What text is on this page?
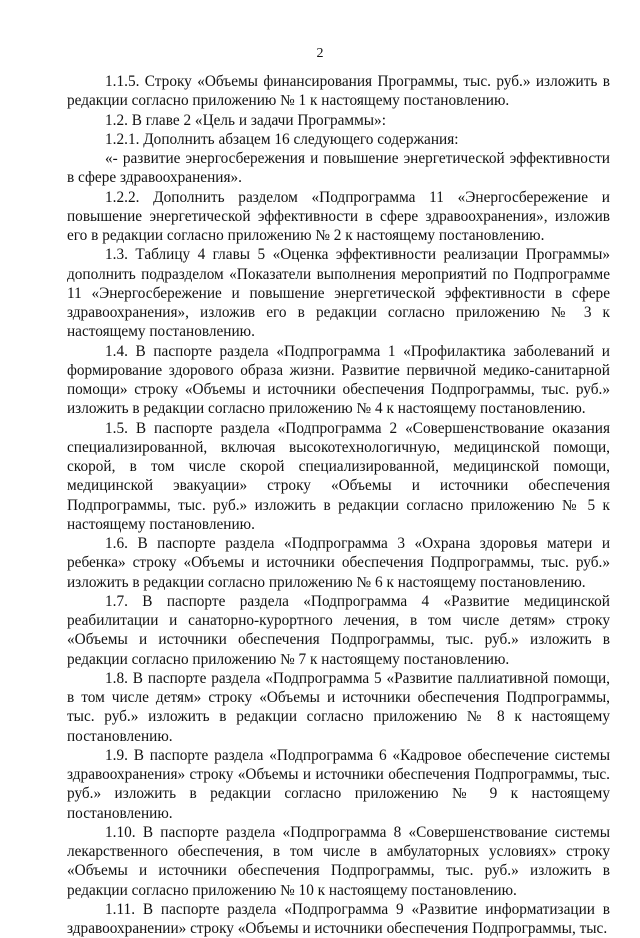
2

1.1.5. Строку «Объемы финансирования Программы, тыс. руб.» изложить в редакции согласно приложению № 1 к настоящему постановлению.

1.2. В главе 2 «Цель и задачи Программы»:

1.2.1. Дополнить абзацем 16 следующего содержания:

«- развитие энергосбережения и повышение энергетической эффективности в сфере здравоохранения».

1.2.2. Дополнить разделом «Подпрограмма 11 «Энергосбережение и повышение энергетической эффективности в сфере здравоохранения», изложив его в редакции согласно приложению № 2 к настоящему постановлению.

1.3. Таблицу 4 главы 5 «Оценка эффективности реализации Программы» дополнить подразделом «Показатели выполнения мероприятий по Подпрограмме 11 «Энергосбережение и повышение энергетической эффективности в сфере здравоохранения», изложив его в редакции согласно приложению № 3 к настоящему постановлению.

1.4. В паспорте раздела «Подпрограмма 1 «Профилактика заболеваний и формирование здорового образа жизни. Развитие первичной медико-санитарной помощи» строку «Объемы и источники обеспечения Подпрограммы, тыс. руб.» изложить в редакции согласно приложению № 4 к настоящему постановлению.

1.5. В паспорте раздела «Подпрограмма 2 «Совершенствование оказания специализированной, включая высокотехнологичную, медицинской помощи, скорой, в том числе скорой специализированной, медицинской помощи, медицинской эвакуации» строку «Объемы и источники обеспечения Подпрограммы, тыс. руб.» изложить в редакции согласно приложению № 5 к настоящему постановлению.

1.6. В паспорте раздела «Подпрограмма 3 «Охрана здоровья матери и ребенка» строку «Объемы и источники обеспечения Подпрограммы, тыс. руб.» изложить в редакции согласно приложению № 6 к настоящему постановлению.

1.7. В паспорте раздела «Подпрограмма 4 «Развитие медицинской реабилитации и санаторно-курортного лечения, в том числе детям» строку «Объемы и источники обеспечения Подпрограммы, тыс. руб.» изложить в редакции согласно приложению № 7 к настоящему постановлению.

1.8. В паспорте раздела «Подпрограмма 5 «Развитие паллиативной помощи, в том числе детям» строку «Объемы и источники обеспечения Подпрограммы, тыс. руб.» изложить в редакции согласно приложению № 8 к настоящему постановлению.

1.9. В паспорте раздела «Подпрограмма 6 «Кадровое обеспечение системы здравоохранения» строку «Объемы и источники обеспечения Подпрограммы, тыс. руб.» изложить в редакции согласно приложению № 9 к настоящему постановлению.

1.10. В паспорте раздела «Подпрограмма 8 «Совершенствование системы лекарственного обеспечения, в том числе в амбулаторных условиях» строку «Объемы и источники обеспечения Подпрограммы, тыс. руб.» изложить в редакции согласно приложению № 10 к настоящему постановлению.

1.11. В паспорте раздела «Подпрограмма 9 «Развитие информатизации в здравоохранении» строку «Объемы и источники обеспечения Подпрограммы, тыс.
